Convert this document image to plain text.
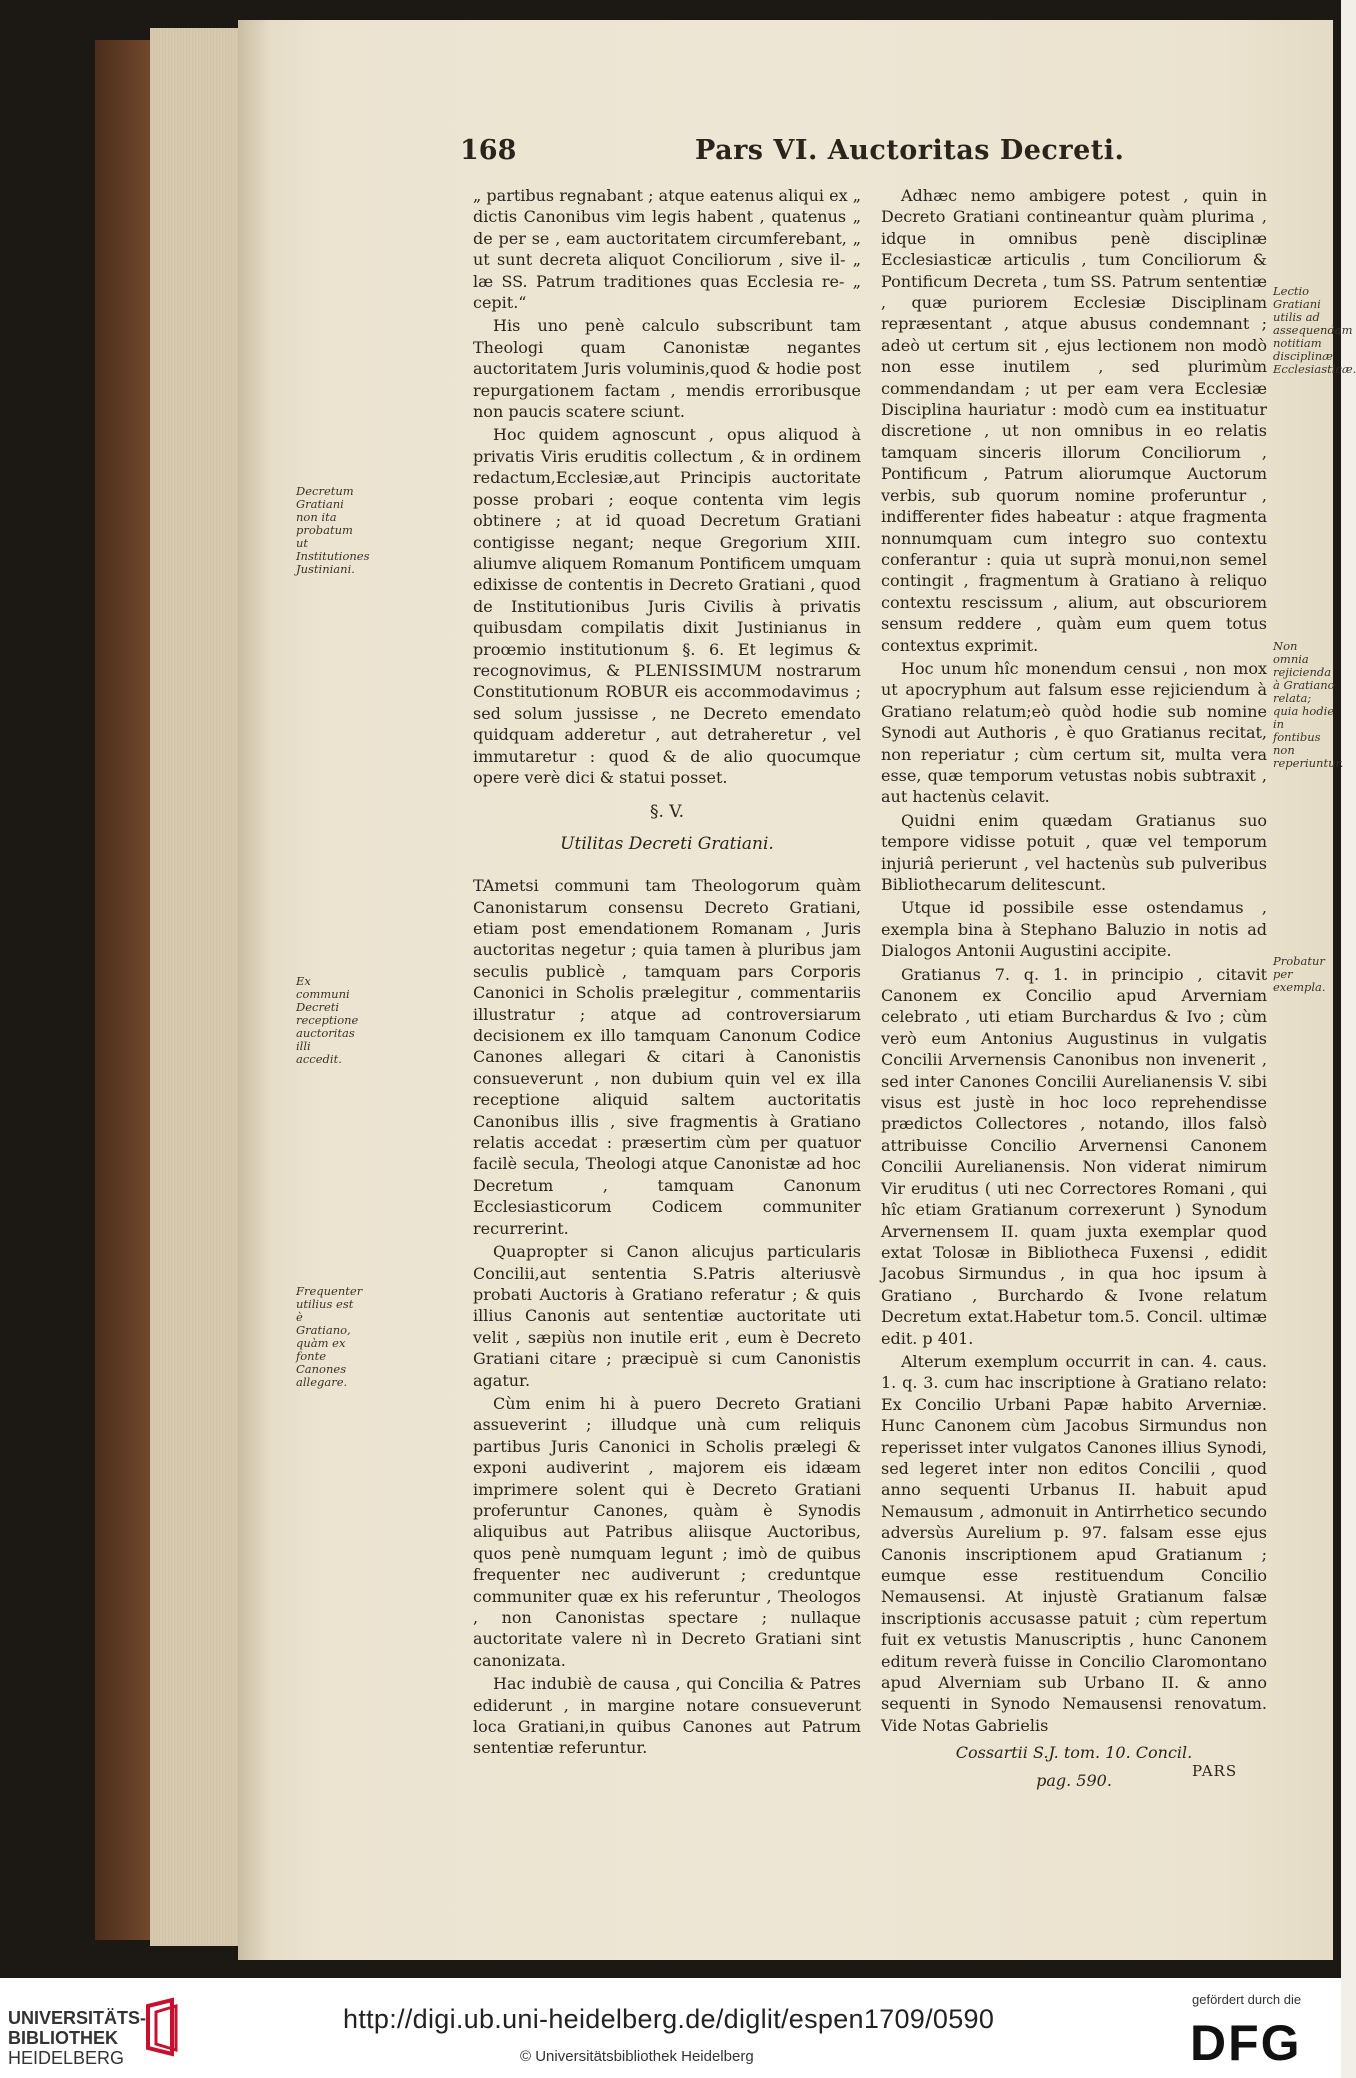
168	Pars VI. Auctoritas Decreti.

„ partibus regnabant ; atque eatenus aliqui ex „ dictis Canonibus vim legis habent , quatenus „ de per se , eam auctoritatem circumferebant, „ ut sunt decreta aliquot Conciliorum , sive il- „ læ SS. Patrum traditiones quas Ecclesia re- „ cepit.“

His uno penè calculo subscribunt tam Theologi quam Canonistæ negantes auctoritatem Juris voluminis,quod & hodie post repurgationem factam , mendis erroribusque non paucis scatere sciunt.

Hoc quidem agnoscunt , opus aliquod à privatis Viris eruditis collectum , & in ordinem redactum,Ecclesiæ,aut Principis auctoritate posse probari ; eoque contenta vim legis obtinere ; at id quoad Decretum Gratiani contigisse negant; neque Gregorium XIII. aliumve aliquem Romanum Pontificem umquam edixisse de contentis in Decreto Gratiani , quod de Institutionibus Juris Civilis à privatis quibusdam compilatis dixit Justinianus in proœmio institutionum §. 6. Et legimus & recognovimus, & PLENISSIMUM nostrarum Constitutionum ROBUR eis accommodavimus ; sed solum jussisse , ne Decreto emendato quidquam adderetur , aut detraheretur , vel immutaretur : quod & de alio quocumque opere verè dici & statui posset.

§. V.
Utilitas Decreti Gratiani.

TAmetsi communi tam Theologorum quàm Canonistarum consensu Decreto Gratiani, etiam post emendationem Romanam , Juris auctoritas negetur ; quia tamen à pluribus jam seculis publicè , tamquam pars Corporis Canonici in Scholis prælegitur , commentariis illustratur ; atque ad controversiarum decisionem ex illo tamquam Canonum Codice Canones allegari & citari à Canonistis consueverunt , non dubium quin vel ex illa receptione aliquid saltem auctoritatis Canonibus illis , sive fragmentis à Gratiano relatis accedat : præsertim cùm per quatuor facilè secula, Theologi atque Canonistæ ad hoc Decretum , tamquam Canonum Ecclesiasticorum Codicem communiter recurrerint.

Quapropter si Canon alicujus particularis Concilii,aut sententia S.Patris alteriusvè probati Auctoris à Gratiano referatur ; & quis illius Canonis aut sententiæ auctoritate uti velit , sæpiùs non inutile erit , eum è Decreto Gratiani citare ; præcipuè si cum Canonistis agatur.

Cùm enim hi à puero Decreto Gratiani assueverint ; illudque unà cum reliquis partibus Juris Canonici in Scholis prælegi & exponi audiverint , majorem eis idæam imprimere solent qui è Decreto Gratiani proferuntur Canones, quàm è Synodis aliquibus aut Patribus aliisque Auctoribus, quos penè numquam legunt ; imò de quibus frequenter nec audiverunt ; creduntque communiter quæ ex his referuntur , Theologos , non Canonistas spectare ; nullaque auctoritate valere nì in Decreto Gratiani sint canonizata.

Hac indubiè de causa , qui Concilia & Patres ediderunt , in margine notare consueverunt loca Gratiani,in quibus Canones aut Patrum sententiæ referuntur.

Adhæc nemo ambigere potest , quin in Decreto Gratiani contineantur quàm plurima , idque in omnibus penè disciplinæ Ecclesiasticæ articulis , tum Conciliorum & Pontificum Decreta , tum SS. Patrum sententiæ , quæ puriorem Ecclesiæ Disciplinam repræsentant , atque abusus condemnant ; adeò ut certum sit , ejus lectionem non modò non esse inutilem , sed plurimùm commendandam ; ut per eam vera Ecclesiæ Disciplina hauriatur : modò cum ea instituatur discretione , ut non omnibus in eo relatis tamquam sinceris illorum Conciliorum , Pontificum , Patrum aliorumque Auctorum verbis, sub quorum nomine proferuntur , indifferenter fides habeatur : atque fragmenta nonnumquam cum integro suo contextu conferantur : quia ut suprà monui,non semel contingit , fragmentum à Gratiano à reliquo contextu rescissum , alium, aut obscuriorem sensum reddere , quàm eum quem totus contextus exprimit.

Hoc unum hîc monendum censui , non mox ut apocryphum aut falsum esse rejiciendum à Gratiano relatum;eò quòd hodie sub nomine Synodi aut Authoris , è quo Gratianus recitat, non reperiatur ; cùm certum sit, multa vera esse, quæ temporum vetustas nobis subtraxit , aut hactenùs celavit.

Quidni enim quædam Gratianus suo tempore vidisse potuit , quæ vel temporum injuriâ perierunt , vel hactenùs sub pulveribus Bibliothecarum delitescunt.

Utque id possibile esse ostendamus , exempla bina à Stephano Baluzio in notis ad Dialogos Antonii Augustini accipite.

Gratianus 7. q. 1. in principio , citavit Canonem ex Concilio apud Arverniam celebrato , uti etiam Burchardus & Ivo ; cùm verò eum Antonius Augustinus in vulgatis Concilii Arvernensis Canonibus non invenerit , sed inter Canones Concilii Aurelianensis V. sibi visus est justè in hoc loco reprehendisse prædictos Collectores , notando, illos falsò attribuisse Concilio Arvernensi Canonem Concilii Aurelianensis. Non viderat nimirum Vir eruditus ( uti nec Correctores Romani , qui hîc etiam Gratianum correxerunt ) Synodum Arvernensem II. quam juxta exemplar quod extat Tolosæ in Bibliotheca Fuxensi , edidit Jacobus Sirmundus , in qua hoc ipsum à Gratiano , Burchardo & Ivone relatum Decretum extat.Habetur tom.5. Concil. ultimæ edit. p 401.

Alterum exemplum occurrit in can. 4. caus. 1. q. 3. cum hac inscriptione à Gratiano relato: Ex Concilio Urbani Papæ habito Arverniæ. Hunc Canonem cùm Jacobus Sirmundus non reperisset inter vulgatos Canones illius Synodi, sed legeret inter non editos Concilii , quod anno sequenti Urbanus II. habuit apud Nemausum , admonuit in Antirrhetico secundo adversùs Aurelium p. 97. falsam esse ejus Canonis inscriptionem apud Gratianum ; eumque esse restituendum Concilio Nemausensi. At injustè Gratianum falsæ inscriptionis accusasse patuit ; cùm repertum fuit ex vetustis Manuscriptis , hunc Canonem editum reverà fuisse in Concilio Claromontano apud Alverniam sub Urbano II. & anno sequenti in Synodo Nemausensi renovatum. Vide Notas Gabrielis

Cossartii S.J. tom. 10. Concil.
pag. 590.
Decretum Gratiani non ita probatum ut Institutiones Justiniani.
Ex communi Decreti receptione auctoritas illi accedit.
Frequenter utilius est è Gratiano, quàm ex fonte Canones allegare.
Lectio Gratiani utilis ad assequendam notitiam disciplinæ Ecclesiasticæ.
Non omnia rejicienda à Gratiano relata; quia hodie in fontibus non reperiuntur.
Probatur per exempla.
PARS
UNIVERSITÄTS-
BIBLIOTHEK
HEIDELBERG
http://digi.ub.uni-heidelberg.de/diglit/espen1709/0590
© Universitätsbibliothek Heidelberg
gefördert durch die
DFG
